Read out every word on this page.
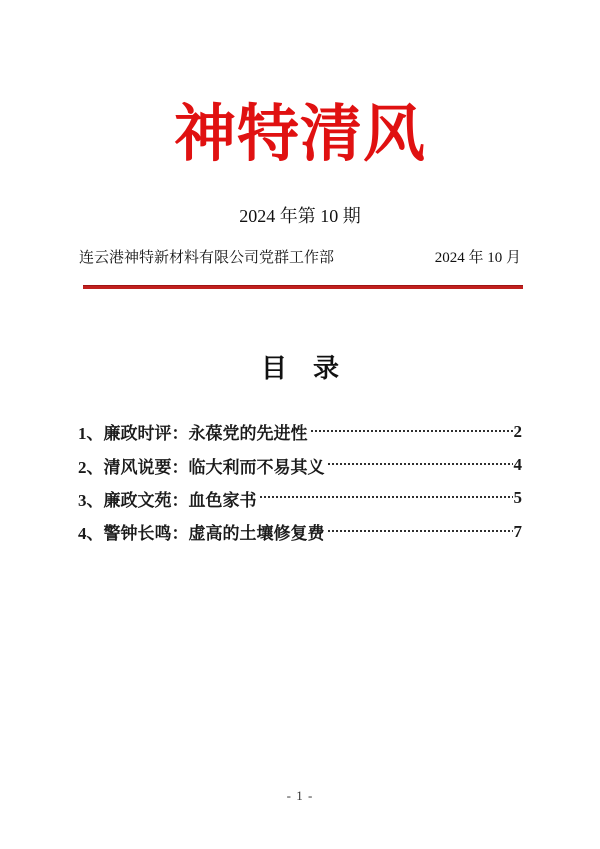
神特清风
2024 年第 10 期
连云港神特新材料有限公司党群工作部	2024 年 10 月
目　录
1、廉政时评：永葆党的先进性	2
2、清风说要：临大利而不易其义	4
3、廉政文苑：血色家书	5
4、警钟长鸣：虚高的土壤修复费	7
- 1 -
